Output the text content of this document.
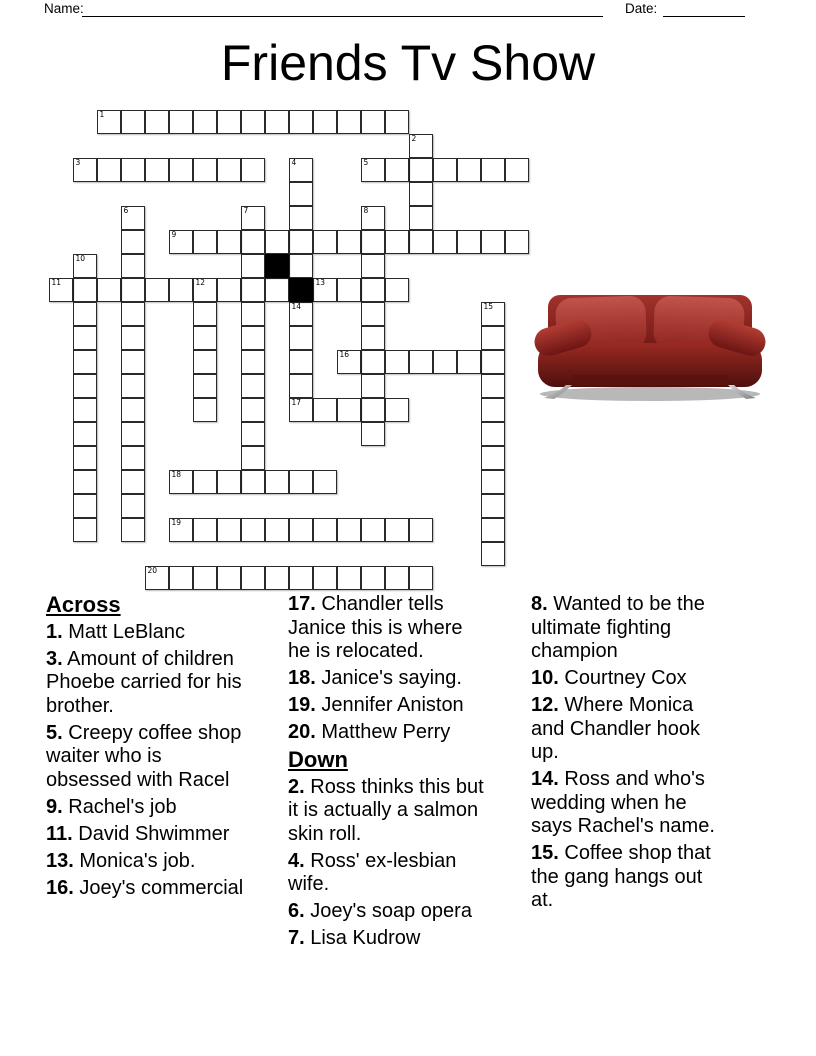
Name:	Date:
Friends Tv Show
1
2
3	4	5
6	7	8
9
10
11	12	13
14
17
15
16
18
19
20

Across

1. Matt LeBlanc

3. Amount of children Phoebe carried for his brother.

5. Creepy coffee shop waiter who is obsessed with Racel

9. Rachel's job

11. David Shwimmer

13. Monica's job.

16. Joey's commercial

17. Chandler tells Janice this is where he is relocated.

18. Janice's saying.

19. Jennifer Aniston

20. Matthew Perry

Down

2. Ross thinks this but it is actually a salmon skin roll.

4. Ross' ex-lesbian wife.

6. Joey's soap opera

7. Lisa Kudrow

8. Wanted to be the ultimate fighting champion

10. Courtney Cox

12. Where Monica and Chandler hook up.

14. Ross and who's wedding when he says Rachel's name.

15. Coffee shop that the gang hangs out at.
